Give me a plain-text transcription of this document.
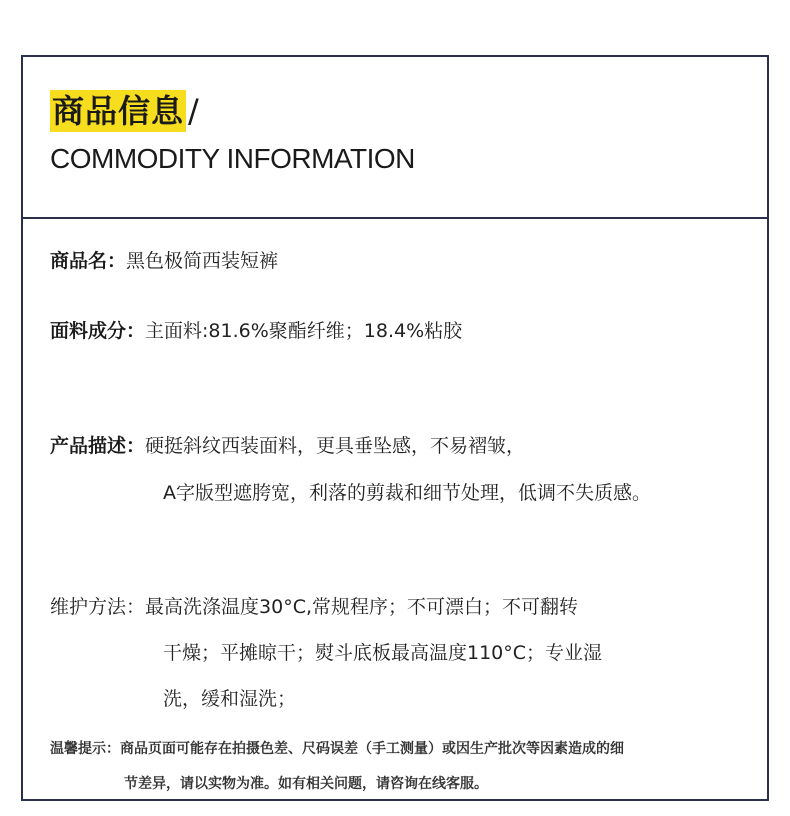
商品信息 /
COMMODITY INFORMATION
商品名：黑色极简西装短裤
面料成分：主面料:81.6%聚酯纤维；18.4%粘胶
产品描述：硬挺斜纹西装面料，更具垂坠感，不易褶皱，
A字版型遮胯宽，利落的剪裁和细节处理，低调不失质感。
维护方法：最高洗涤温度30°C,常规程序；不可漂白；不可翻转
干燥；平摊晾干；熨斗底板最高温度110°C；专业湿
洗，缓和湿洗；
温馨提示：商品页面可能存在拍摄色差、尺码误差（手工测量）或因生产批次等因素造成的细
节差异，请以实物为准。如有相关问题，请咨询在线客服。
